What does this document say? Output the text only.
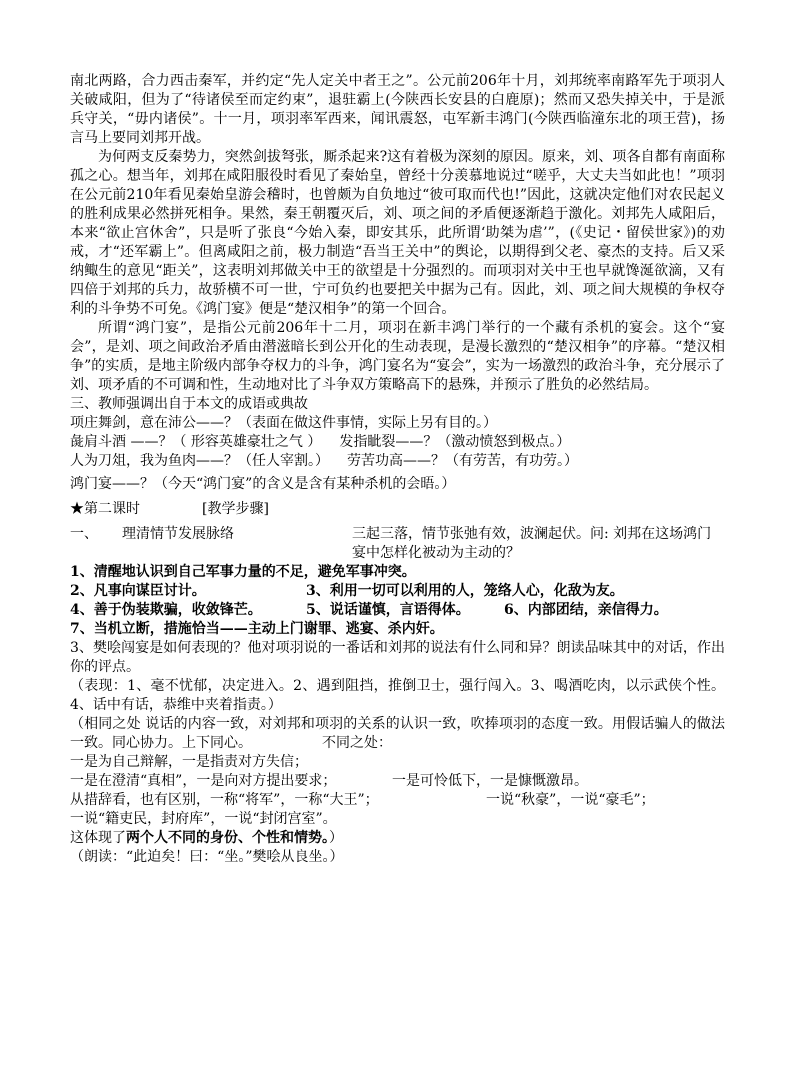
南北两路，合力西击秦军，并约定“先人定关中者王之”。公元前206年十月，刘邦统率南路军先于项羽人关破咸阳，但为了“待诸侯至而定约束”，退驻霸上(今陕西长安县的白鹿原)；然而又恐失掉关中，于是派兵守关，“毋内诸侯”。十一月，项羽率军西来，闻讯震怒，屯军新丰鸿门(今陕西临潼东北的项王营)，扬言马上要同刘邦开战。

为何两支反秦势力，突然剑拔弩张，厮杀起来?这有着极为深刻的原因。原来，刘、项各自都有南面称孤之心。想当年，刘邦在咸阳服役时看见了秦始皇，曾经十分羡慕地说过“嗟乎，大丈夫当如此也！”项羽在公元前210年看见秦始皇游会稽时，也曾颇为自负地过“彼可取而代也!”因此，这就决定他们对农民起义的胜利成果必然拼死相争。果然，秦王朝覆灭后，刘、项之间的矛盾便逐渐趋于激化。刘邦先人咸阳后，本来“欲止宫休舍”，只是听了张良“今始入秦，即安其乐，此所谓‘助桀为虐’”，(《史记・留侯世家》)的劝戒，才“还军霸上”。但离咸阳之前，极力制造“吾当王关中”的舆论，以期得到父老、豪杰的支持。后又采纳鲰生的意见“距关”，这表明刘邦做关中王的欲望是十分强烈的。而项羽对关中王也早就馋涎欲滴，又有四倍于刘邦的兵力，故骄横不可一世，宁可负约也要把关中据为己有。因此，刘、项之间大规模的争权夺利的斗争势不可免。《鸿门宴》便是“楚汉相争”的第一个回合。

所谓“鸿门宴”，是指公元前206年十二月，项羽在新丰鸿门举行的一个藏有杀机的宴会。这个“宴会”，是刘、项之间政治矛盾由潜滋暗长到公开化的生动表现，是漫长激烈的“楚汉相争”的序幕。“楚汉相争”的实质，是地主阶级内部争夺权力的斗争，鸿门宴名为“宴会”，实为一场激烈的政治斗争，充分展示了刘、项矛盾的不可调和性，生动地对比了斗争双方策略高下的悬殊，并预示了胜负的必然结局。

三、教师强调出自于本文的成语或典故

项庄舞剑，意在沛公——？（表面在做这件事情，实际上另有目的。）

彘肩斗酒 ——？（ 形容英雄豪壮之气 ） 发指眦裂——？（激动愤怒到极点。）
人为刀俎，我为鱼肉——？（任人宰割。） 劳苦功高——？（有劳苦，有功劳。）

鸿门宴——？（今天“鸿门宴”的含义是含有某种杀机的会晤。）

★第二课时	[教学步骤]
一、	理清情节发展脉络	三起三落，情节张弛有效，波澜起伏。问: 刘邦在这场鸿门宴中怎样化被动为主动的？

1、清醒地认识到自己军事力量的不足，避免军事冲突。

2、凡事向谋臣讨计。	3、利用一切可以利用的人，笼络人心，化敌为友。
4、善于伪装欺骗，收敛锋芒。	5、说话谨慎，言语得体。	6、内部团结，亲信得力。

7、当机立断，措施恰当——主动上门谢罪、逃宴、杀内奸。

3、樊哙闯宴是如何表现的？他对项羽说的一番话和刘邦的说法有什么同和异？朗读品味其中的对话，作出你的评点。

（表现：1、毫不忧郁，决定进入。2、遇到阻挡，推倒卫士，强行闯入。3、喝酒吃肉，以示武侠个性。4、话中有话，恭维中夹着指责。）

（相同之处 说话的内容一致，对刘邦和项羽的关系的认识一致，吹捧项羽的态度一致。用假话骗人的做法一致。同心协力。上下同心。	不同之处：

一是为自己辩解，一是指责对方失信；

一是在澄清“真相”，一是向对方提出要求；	一是可怜低下，一是慷慨激昂。
从措辞看，也有区别，一称“将军”，一称“大王”；	一说“秋豪”，一说“豪毛”；

一说“籍吏民，封府库”，一说“封闭宫室”。

这体现了两个人不同的身份、个性和情势。）

（朗读：“此迫矣！曰：“坐。”樊哙从良坐。）
